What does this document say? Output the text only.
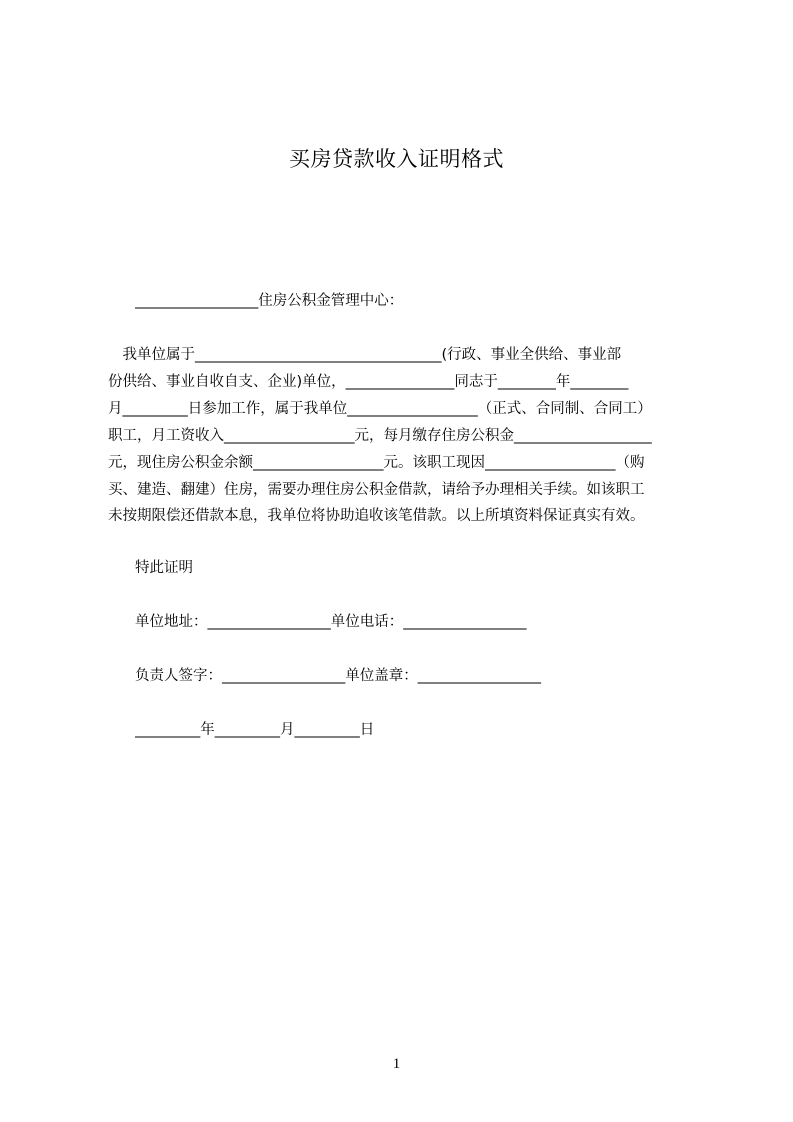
买房贷款收入证明格式
_________________住房公积金管理中心：
　我单位属于__________________________________(行政、事业全供给、事业部
份供给、事业自收自支、企业)单位，_______________同志于________年________
月_________日参加工作，属于我单位__________________（正式、合同制、合同工）
职工，月工资收入__________________元，每月缴存住房公积金___________________
元，现住房公积金余额__________________元。该职工现因__________________（购
买、建造、翻建）住房，需要办理住房公积金借款，请给予办理相关手续。如该职工
未按期限偿还借款本息，我单位将协助追收该笔借款。以上所填资料保证真实有效。
特此证明
单位地址：_________________单位电话：_________________
负责人签字：_________________单位盖章：_________________
_________年_________月_________日
1
